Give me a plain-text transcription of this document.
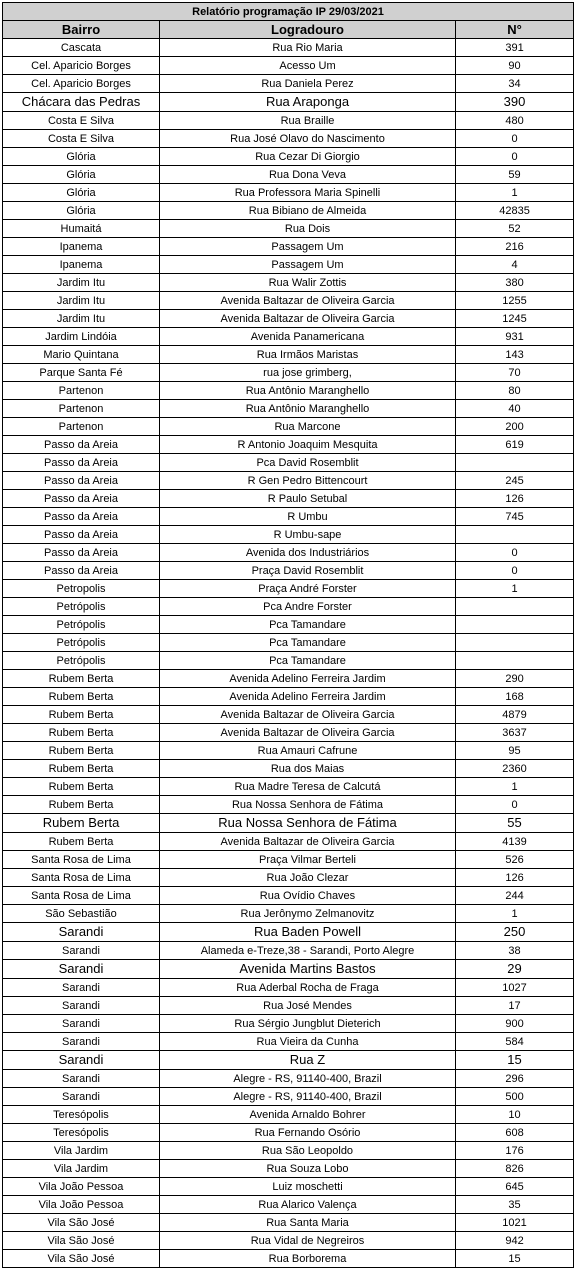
Relatório programação IP 29/03/2021		
Bairro	Logradouro	N°
Cascata	Rua Rio Maria	391
Cel. Aparicio Borges	Acesso Um	90
Cel. Aparicio Borges	Rua Daniela Perez	34
Chácara das Pedras	Rua Araponga	390
Costa E Silva	Rua Braille	480
Costa E Silva	Rua José Olavo do Nascimento	0
Glória	Rua Cezar Di Giorgio	0
Glória	Rua Dona Veva	59
Glória	Rua Professora Maria Spinelli	1
Glória	Rua Bibiano de Almeida	42835
Humaitá	Rua Dois	52
Ipanema	Passagem Um	216
Ipanema	Passagem Um	4
Jardim Itu	Rua Walir Zottis	380
Jardim Itu	Avenida Baltazar de Oliveira Garcia	1255
Jardim Itu	Avenida Baltazar de Oliveira Garcia	1245
Jardim Lindóia	Avenida Panamericana	931
Mario Quintana	Rua Irmãos Maristas	143
Parque Santa Fé	rua jose grimberg,	70
Partenon	Rua Antônio Maranghello	80
Partenon	Rua Antônio Maranghello	40
Partenon	Rua Marcone	200
Passo da Areia	R Antonio Joaquim Mesquita	619
Passo da Areia	Pca David Rosemblit	
Passo da Areia	R Gen Pedro Bittencourt	245
Passo da Areia	R Paulo Setubal	126
Passo da Areia	R Umbu	745
Passo da Areia	R Umbu-sape	
Passo da Areia	Avenida dos Industriários	0
Passo da Areia	Praça David Rosemblit	0
Petropolis	Praça André Forster	1
Petrópolis	Pca Andre Forster	
Petrópolis	Pca Tamandare	
Petrópolis	Pca Tamandare	
Petrópolis	Pca Tamandare	
Rubem Berta	Avenida Adelino Ferreira Jardim	290
Rubem Berta	Avenida Adelino Ferreira Jardim	168
Rubem Berta	Avenida Baltazar de Oliveira Garcia	4879
Rubem Berta	Avenida Baltazar de Oliveira Garcia	3637
Rubem Berta	Rua Amauri Cafrune	95
Rubem Berta	Rua dos Maias	2360
Rubem Berta	Rua Madre Teresa de Calcutá	1
Rubem Berta	Rua Nossa Senhora de Fátima	0
Rubem Berta	Rua Nossa Senhora de Fátima	55
Rubem Berta	Avenida Baltazar de Oliveira Garcia	4139
Santa Rosa de Lima	Praça Vilmar Berteli	526
Santa Rosa de Lima	Rua João Clezar	126
Santa Rosa de Lima	Rua Ovídio Chaves	244
São Sebastião	Rua Jerônymo Zelmanovitz	1
Sarandi	Rua Baden Powell	250
Sarandi	Alameda e-Treze,38 - Sarandi, Porto Alegre	38
Sarandi	Avenida Martins Bastos	29
Sarandi	Rua Aderbal Rocha de Fraga	1027
Sarandi	Rua José Mendes	17
Sarandi	Rua Sérgio Jungblut Dieterich	900
Sarandi	Rua Vieira da Cunha	584
Sarandi	Rua Z	15
Sarandi	Alegre - RS, 91140-400, Brazil	296
Sarandi	Alegre - RS, 91140-400, Brazil	500
Teresópolis	Avenida Arnaldo Bohrer	10
Teresópolis	Rua Fernando Osório	608
Vila Jardim	Rua São Leopoldo	176
Vila Jardim	Rua Souza Lobo	826
Vila João Pessoa	Luiz moschetti	645
Vila João Pessoa	Rua Alarico Valença	35
Vila São José	Rua Santa Maria	1021
Vila São José	Rua Vidal de Negreiros	942
Vila São José	Rua Borborema	15
